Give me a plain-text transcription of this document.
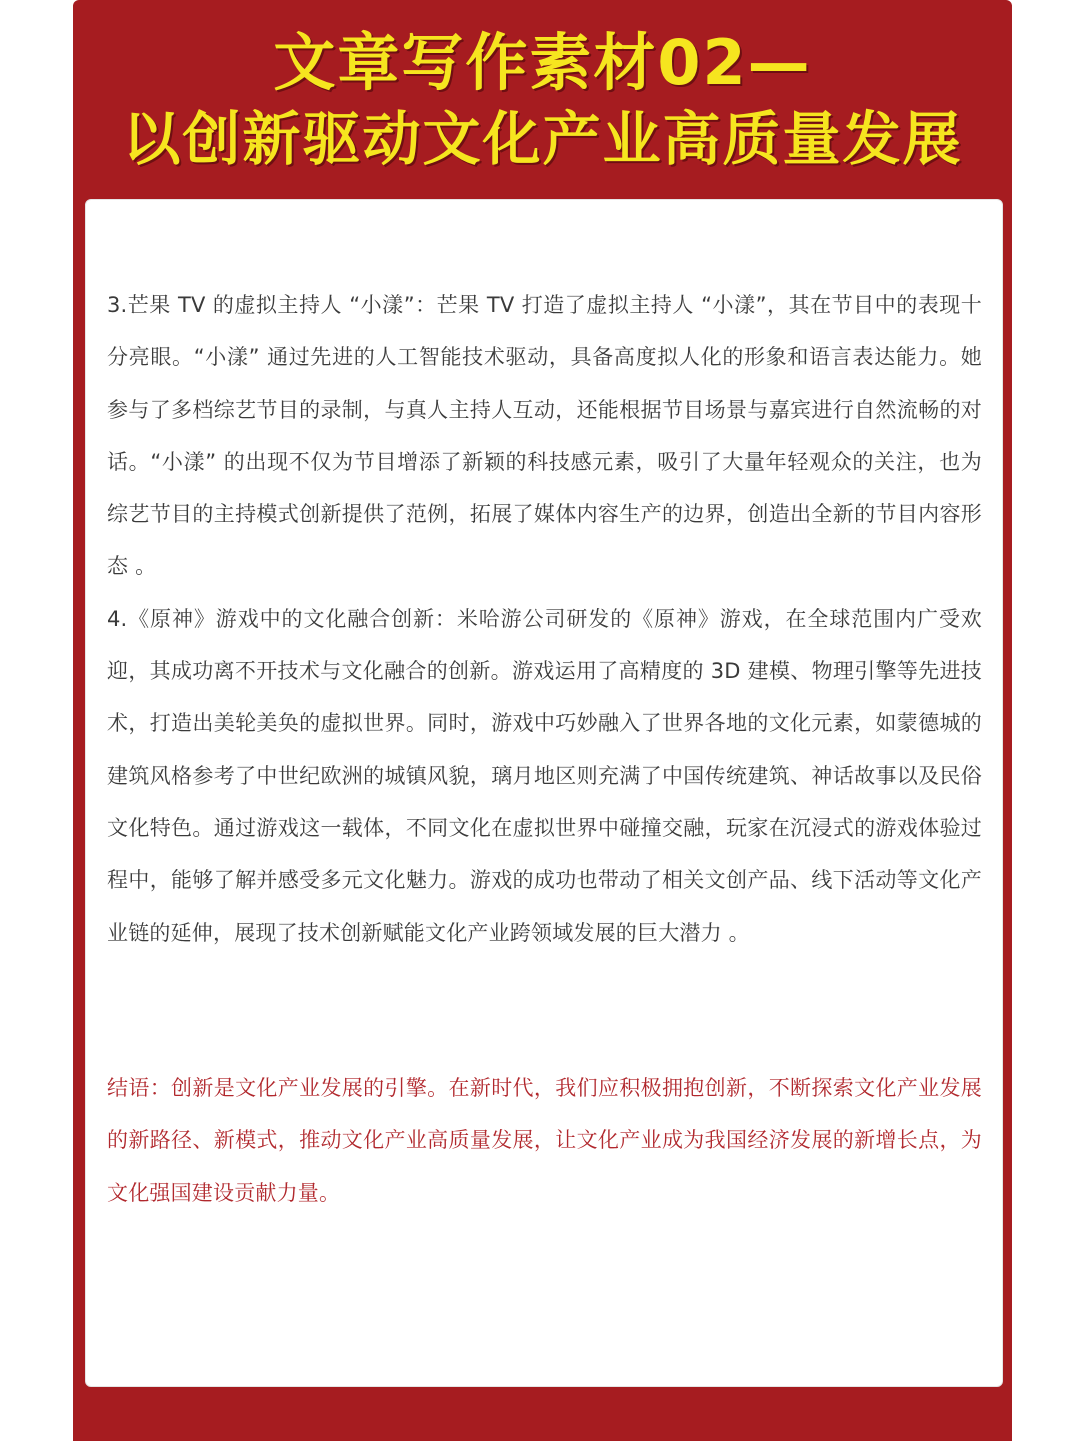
文章写作素材02—
以创新驱动文化产业高质量发展

3.芒果 TV 的虚拟主持人 “小漾”：芒果 TV 打造了虚拟主持人 “小漾”，其在节目中的表现十分亮眼。“小漾” 通过先进的人工智能技术驱动，具备高度拟人化的形象和语言表达能力。她参与了多档综艺节目的录制，与真人主持人互动，还能根据节目场景与嘉宾进行自然流畅的对话。“小漾” 的出现不仅为节目增添了新颖的科技感元素，吸引了大量年轻观众的关注，也为综艺节目的主持模式创新提供了范例，拓展了媒体内容生产的边界，创造出全新的节目内容形态 。

4.《原神》游戏中的文化融合创新：米哈游公司研发的《原神》游戏，在全球范围内广受欢迎，其成功离不开技术与文化融合的创新。游戏运用了高精度的 3D 建模、物理引擎等先进技术，打造出美轮美奂的虚拟世界。同时，游戏中巧妙融入了世界各地的文化元素，如蒙德城的建筑风格参考了中世纪欧洲的城镇风貌，璃月地区则充满了中国传统建筑、神话故事以及民俗文化特色。通过游戏这一载体，不同文化在虚拟世界中碰撞交融，玩家在沉浸式的游戏体验过程中，能够了解并感受多元文化魅力。游戏的成功也带动了相关文创产品、线下活动等文化产业链的延伸，展现了技术创新赋能文化产业跨领域发展的巨大潜力 。

结语：创新是文化产业发展的引擎。在新时代，我们应积极拥抱创新，不断探索文化产业发展的新路径、新模式，推动文化产业高质量发展，让文化产业成为我国经济发展的新增长点，为文化强国建设贡献力量。
